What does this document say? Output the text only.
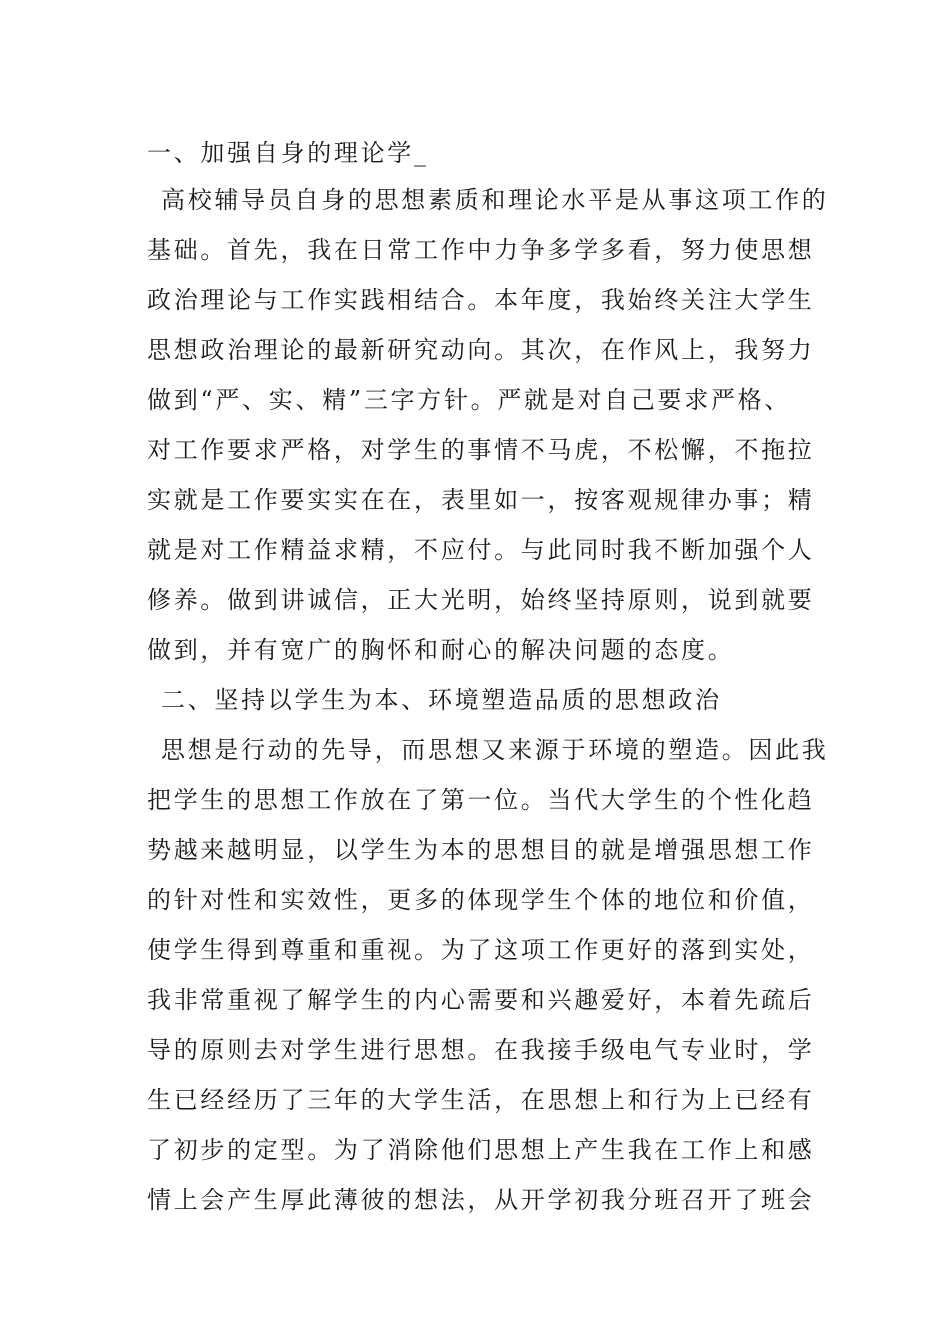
一、加强自身的理论学_
高校辅导员自身的思想素质和理论水平是从事这项工作的
基础。首先，我在日常工作中力争多学多看，努力使思想
政治理论与工作实践相结合。本年度，我始终关注大学生
思想政治理论的最新研究动向。其次，在作风上，我努力
做到“严、实、精”三字方针。严就是对自己要求严格、
对工作要求严格，对学生的事情不马虎，不松懈，不拖拉
实就是工作要实实在在，表里如一，按客观规律办事；精
就是对工作精益求精，不应付。与此同时我不断加强个人
修养。做到讲诚信，正大光明，始终坚持原则，说到就要
做到，并有宽广的胸怀和耐心的解决问题的态度。
二、坚持以学生为本、环境塑造品质的思想政治
思想是行动的先导，而思想又来源于环境的塑造。因此我
把学生的思想工作放在了第一位。当代大学生的个性化趋
势越来越明显，以学生为本的思想目的就是增强思想工作
的针对性和实效性，更多的体现学生个体的地位和价值，
使学生得到尊重和重视。为了这项工作更好的落到实处，
我非常重视了解学生的内心需要和兴趣爱好，本着先疏后
导的原则去对学生进行思想。在我接手级电气专业时，学
生已经经历了三年的大学生活，在思想上和行为上已经有
了初步的定型。为了消除他们思想上产生我在工作上和感
情上会产生厚此薄彼的想法，从开学初我分班召开了班会
